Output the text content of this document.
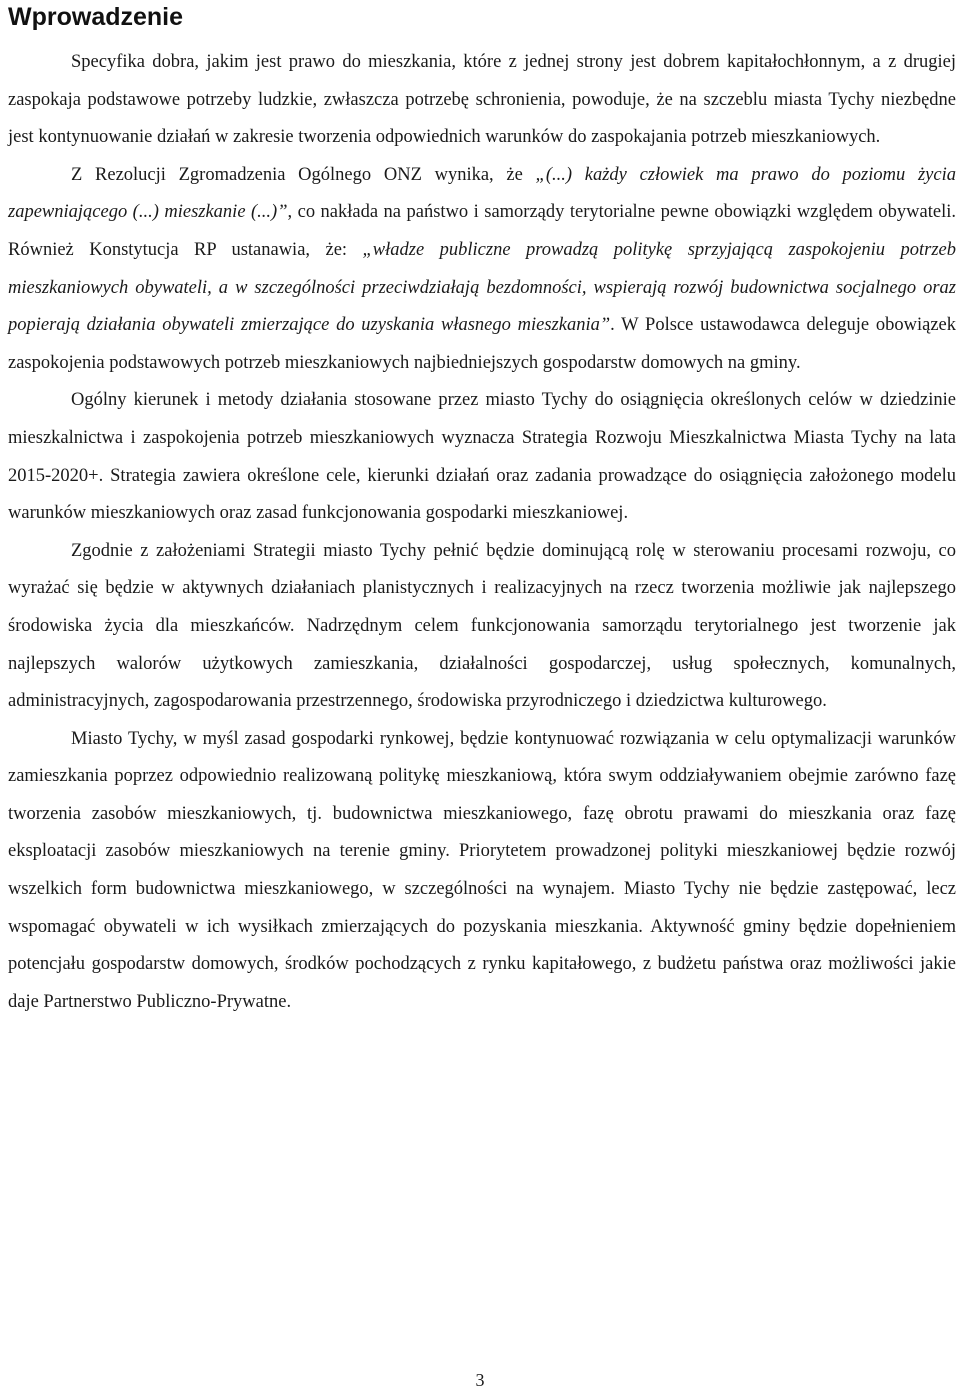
Wprowadzenie

Specyfika dobra, jakim jest prawo do mieszkania, które z jednej strony jest dobrem kapitałochłonnym, a z drugiej zaspokaja podstawowe potrzeby ludzkie, zwłaszcza potrzebę schronienia, powoduje, że na szczeblu miasta Tychy niezbędne jest kontynuowanie działań w zakresie tworzenia odpowiednich warunków do zaspokajania potrzeb mieszkaniowych.

Z Rezolucji Zgromadzenia Ogólnego ONZ wynika, że „(...) każdy człowiek ma prawo do poziomu życia zapewniającego (...) mieszkanie (...)”, co nakłada na państwo i samorządy terytorialne pewne obowiązki względem obywateli. Również Konstytucja RP ustanawia, że: „władze publiczne prowadzą politykę sprzyjającą zaspokojeniu potrzeb mieszkaniowych obywateli, a w szczególności przeciwdziałają bezdomności, wspierają rozwój budownictwa socjalnego oraz popierają działania obywateli zmierzające do uzyskania własnego mieszkania”. W Polsce ustawodawca deleguje obowiązek zaspokojenia podstawowych potrzeb mieszkaniowych najbiedniejszych gospodarstw domowych na gminy.

Ogólny kierunek i metody działania stosowane przez miasto Tychy do osiągnięcia określonych celów w dziedzinie mieszkalnictwa i zaspokojenia potrzeb mieszkaniowych wyznacza Strategia Rozwoju Mieszkalnictwa Miasta Tychy na lata 2015-2020+. Strategia zawiera określone cele, kierunki działań oraz zadania prowadzące do osiągnięcia założonego modelu warunków mieszkaniowych oraz zasad funkcjonowania gospodarki mieszkaniowej.

Zgodnie z założeniami Strategii miasto Tychy pełnić będzie dominującą rolę w sterowaniu procesami rozwoju, co wyrażać się będzie w aktywnych działaniach planistycznych i realizacyjnych na rzecz tworzenia możliwie jak najlepszego środowiska życia dla mieszkańców. Nadrzędnym celem funkcjonowania samorządu terytorialnego jest tworzenie jak najlepszych walorów użytkowych zamieszkania, działalności gospodarczej, usług społecznych, komunalnych, administracyjnych, zagospodarowania przestrzennego, środowiska przyrodniczego i dziedzictwa kulturowego.

Miasto Tychy, w myśl zasad gospodarki rynkowej, będzie kontynuować rozwiązania w celu optymalizacji warunków zamieszkania poprzez odpowiednio realizowaną politykę mieszkaniową, która swym oddziaływaniem obejmie zarówno fazę tworzenia zasobów mieszkaniowych, tj. budownictwa mieszkaniowego, fazę obrotu prawami do mieszkania oraz fazę eksploatacji zasobów mieszkaniowych na terenie gminy. Priorytetem prowadzonej polityki mieszkaniowej będzie rozwój wszelkich form budownictwa mieszkaniowego, w szczególności na wynajem. Miasto Tychy nie będzie zastępować, lecz wspomagać obywateli w ich wysiłkach zmierzających do pozyskania mieszkania. Aktywność gminy będzie dopełnieniem potencjału gospodarstw domowych, środków pochodzących z rynku kapitałowego, z budżetu państwa oraz możliwości jakie daje Partnerstwo Publiczno-Prywatne.

3
